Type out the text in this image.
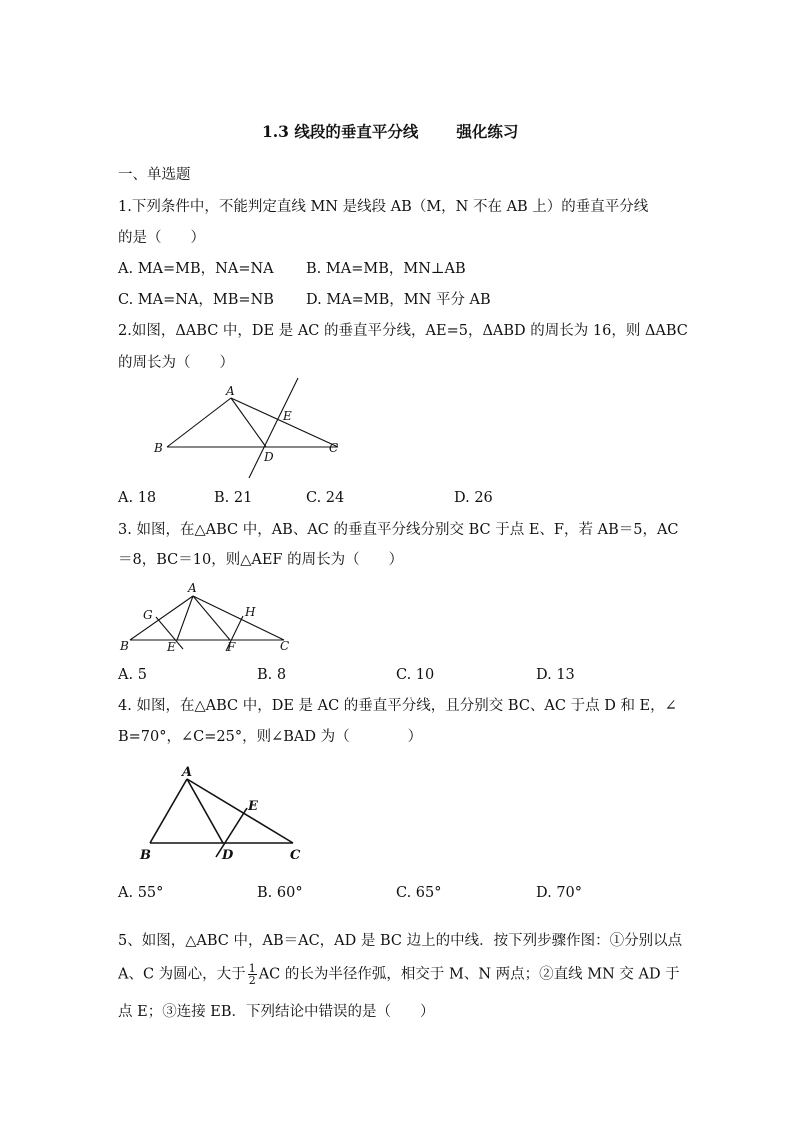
1.3 线段的垂直平分线 强化练习
一、单选题
1.下列条件中，不能判定直线 MN 是线段 AB（M，N 不在 AB 上）的垂直平分线
的是（　　）
A. MA=MB，NA=NA B. MA=MB，MN⊥AB
C. MA=NA，MB=NB D. MA=MB，MN 平分 AB
2.如图，ΔABC 中，DE 是 AC 的垂直平分线，AE=5，ΔABD 的周长为 16，则 ΔABC
的周长为（　　）
A
B	C
D
E
A
B	C
E	F
G	H
A
B	C
D
E
A. 18	B. 21	C. 24	D. 26
3. 如图，在△ABC 中，AB、AC 的垂直平分线分别交 BC 于点 E、F，若 AB＝5，AC
＝8，BC＝10，则△AEF 的周长为（　　）
A. 5	B. 8	C. 10	D. 13
4. 如图，在△ABC 中，DE 是 AC 的垂直平分线，且分别交 BC、AC 于点 D 和 E，∠
B=70°，∠C=25°，则∠BAD 为（　　　　）
A. 55°	B. 60°	C. 65°	D. 70°
5、如图，△ABC 中，AB＝AC，AD 是 BC 边上的中线．按下列步骤作图：①分别以点
A、C 为圆心，大于 $\frac{1}{2}$ AC 的长为半径作弧，相交于 M、N 两点；②直线 MN 交 AD 于
点 E；③连接 EB．下列结论中错误的是（　　）
